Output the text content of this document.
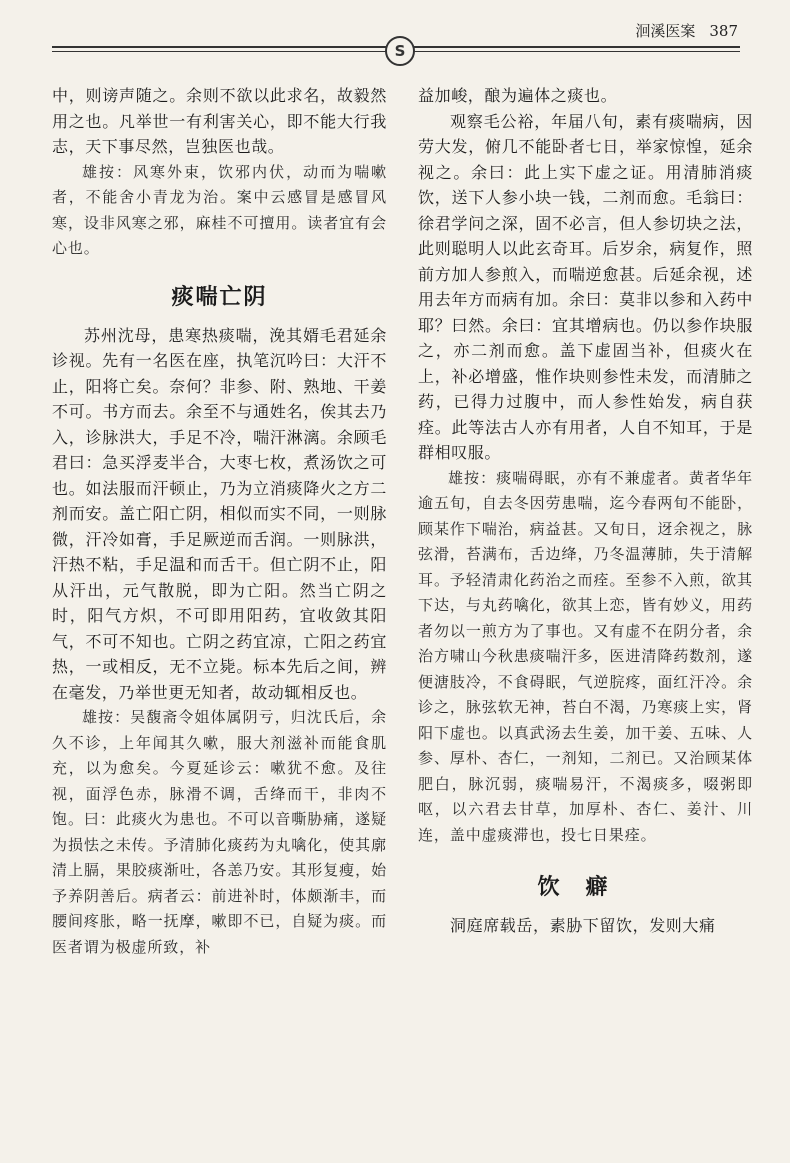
S
洄溪医案 387

中，则谤声随之。余则不欲以此求名，故毅然用之也。凡举世一有利害关心，即不能大行我志，天下事尽然，岂独医也哉。

雄按：风寒外束，饮邪内伏，动而为喘嗽者，不能舍小青龙为治。案中云感冒是感冒风寒，设非风寒之邪，麻桂不可擅用。读者宜有会心也。

痰喘亡阴

苏州沈母，患寒热痰喘，浼其婿毛君延余诊视。先有一名医在座，执笔沉吟曰：大汗不止，阳将亡矣。奈何？非参、附、熟地、干姜不可。书方而去。余至不与通姓名，俟其去乃入，诊脉洪大，手足不冷，喘汗淋漓。余顾毛君曰：急买浮麦半合，大枣七枚，煮汤饮之可也。如法服而汗顿止，乃为立消痰降火之方二剂而安。盖亡阳亡阴，相似而实不同，一则脉微，汗冷如膏，手足厥逆而舌润。一则脉洪，汗热不粘，手足温和而舌干。但亡阴不止，阳从汗出，元气散脱，即为亡阳。然当亡阴之时，阳气方炽，不可即用阳药，宜收敛其阳气，不可不知也。亡阴之药宜凉，亡阳之药宜热，一或相反，无不立毙。标本先后之间，辨在毫发，乃举世更无知者，故动辄相反也。

雄按：吴馥斋令姐体属阴亏，归沈氏后，余久不诊，上年闻其久嗽，服大剂滋补而能食肌充，以为愈矣。今夏延诊云：嗽犹不愈。及往视，面浮色赤，脉滑不调，舌绛而干，非肉不饱。曰：此痰火为患也。不可以音嘶胁痛，遂疑为损怯之未传。予清肺化痰药为丸噙化，使其廓清上膈，果胶痰渐吐，各恙乃安。其形复瘦，始予养阴善后。病者云：前进补时，体颇渐丰，而腰间疼胀，略一抚摩，嗽即不已，自疑为痰。而医者谓为极虚所致，补

益加峻，酿为遍体之痰也。

观察毛公裕，年届八旬，素有痰喘病，因劳大发，俯几不能卧者七日，举家惊惶，延余视之。余曰：此上实下虚之证。用清肺消痰饮，送下人参小块一钱，二剂而愈。毛翁曰：徐君学问之深，固不必言，但人参切块之法，此则聪明人以此玄奇耳。后岁余，病复作，照前方加人参煎入，而喘逆愈甚。后延余视，述用去年方而病有加。余曰：莫非以参和入药中耶？曰然。余曰：宜其增病也。仍以参作块服之，亦二剂而愈。盖下虚固当补，但痰火在上，补必增盛，惟作块则参性未发，而清肺之药，已得力过腹中，而人参性始发，病自获痊。此等法古人亦有用者，人自不知耳，于是群相叹服。

雄按：痰喘碍眠，亦有不兼虚者。黄者华年逾五旬，自去冬因劳患喘，迄今春两旬不能卧，顾某作下喘治，病益甚。又旬日，迓余视之，脉弦滑，苔满布，舌边绛，乃冬温薄肺，失于清解耳。予轻清肃化药治之而痊。至参不入煎，欲其下达，与丸药噙化，欲其上恋，皆有妙义，用药者勿以一煎方为了事也。又有虚不在阴分者，余治方啸山今秋患痰喘汗多，医进清降药数剂，遂便溏肢冷，不食碍眠，气逆脘疼，面红汗冷。余诊之，脉弦软无神，苔白不渴，乃寒痰上实，肾阳下虚也。以真武汤去生姜，加干姜、五味、人参、厚朴、杏仁，一剂知，二剂已。又治顾某体肥白，脉沉弱，痰喘易汗，不渴痰多，啜粥即呕，以六君去甘草，加厚朴、杏仁、姜汁、川连，盖中虚痰滞也，投七日果痊。

饮癖

洞庭席载岳，素胁下留饮，发则大痛
